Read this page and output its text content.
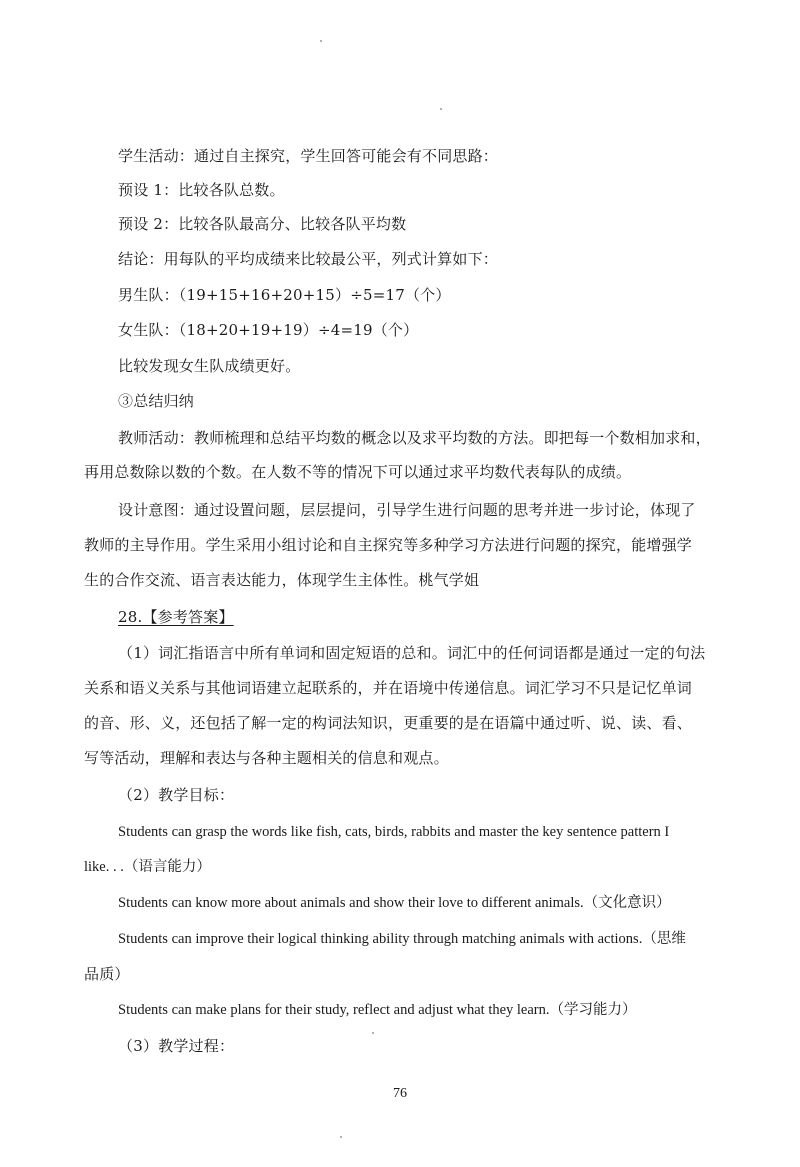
学生活动：通过自主探究，学生回答可能会有不同思路：
预设 1：比较各队总数。
预设 2：比较各队最高分、比较各队平均数
结论：用每队的平均成绩来比较最公平，列式计算如下：
男生队：（19+15+16+20+15）÷5=17（个）
女生队：（18+20+19+19）÷4=19（个）
比较发现女生队成绩更好。
③总结归纳
教师活动：教师梳理和总结平均数的概念以及求平均数的方法。即把每一个数相加求和，
再用总数除以数的个数。在人数不等的情况下可以通过求平均数代表每队的成绩。
设计意图：通过设置问题，层层提问，引导学生进行问题的思考并进一步讨论，体现了
教师的主导作用。学生采用小组讨论和自主探究等多种学习方法进行问题的探究，能增强学
生的合作交流、语言表达能力，体现学生主体性。桃气学姐
28.【参考答案】
（1）词汇指语言中所有单词和固定短语的总和。词汇中的任何词语都是通过一定的句法
关系和语义关系与其他词语建立起联系的，并在语境中传递信息。词汇学习不只是记忆单词
的音、形、义，还包括了解一定的构词法知识，更重要的是在语篇中通过听、说、读、看、
写等活动，理解和表达与各种主题相关的信息和观点。
（2）教学目标：
Students can grasp the words like fish, cats, birds, rabbits and master the key sentence pattern I
like. . .（语言能力）
Students can know more about animals and show their love to different animals.（文化意识）
Students can improve their logical thinking ability through matching animals with actions.（思维
品质）
Students can make plans for their study, reflect and adjust what they learn.（学习能力）
（3）教学过程：
76
